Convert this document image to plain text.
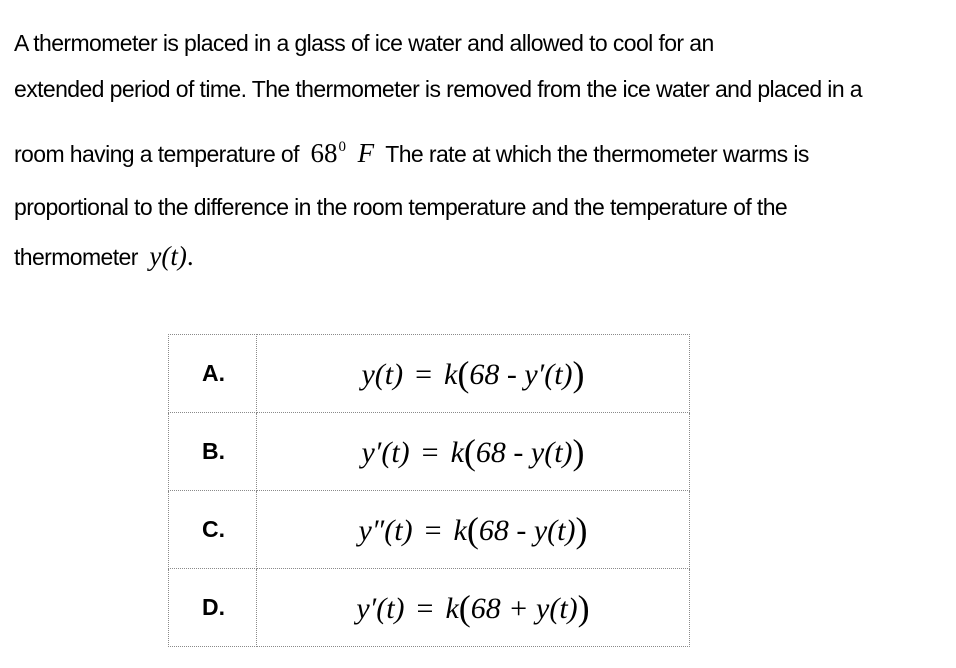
A thermometer is placed in a glass of ice water and allowed to cool for an
extended period of time. The thermometer is removed from the ice water and placed in a
room having a temperature of $68^0$ F The rate at which the thermometer warms is
proportional to the difference in the room temperature and the temperature of the
thermometer y(t).
A.	y(t) = k(68 - y′(t))
B.	y′(t) = k(68 - y(t))
C.	y″(t) = k(68 - y(t))
D.	y′(t) = k(68 + y(t))
